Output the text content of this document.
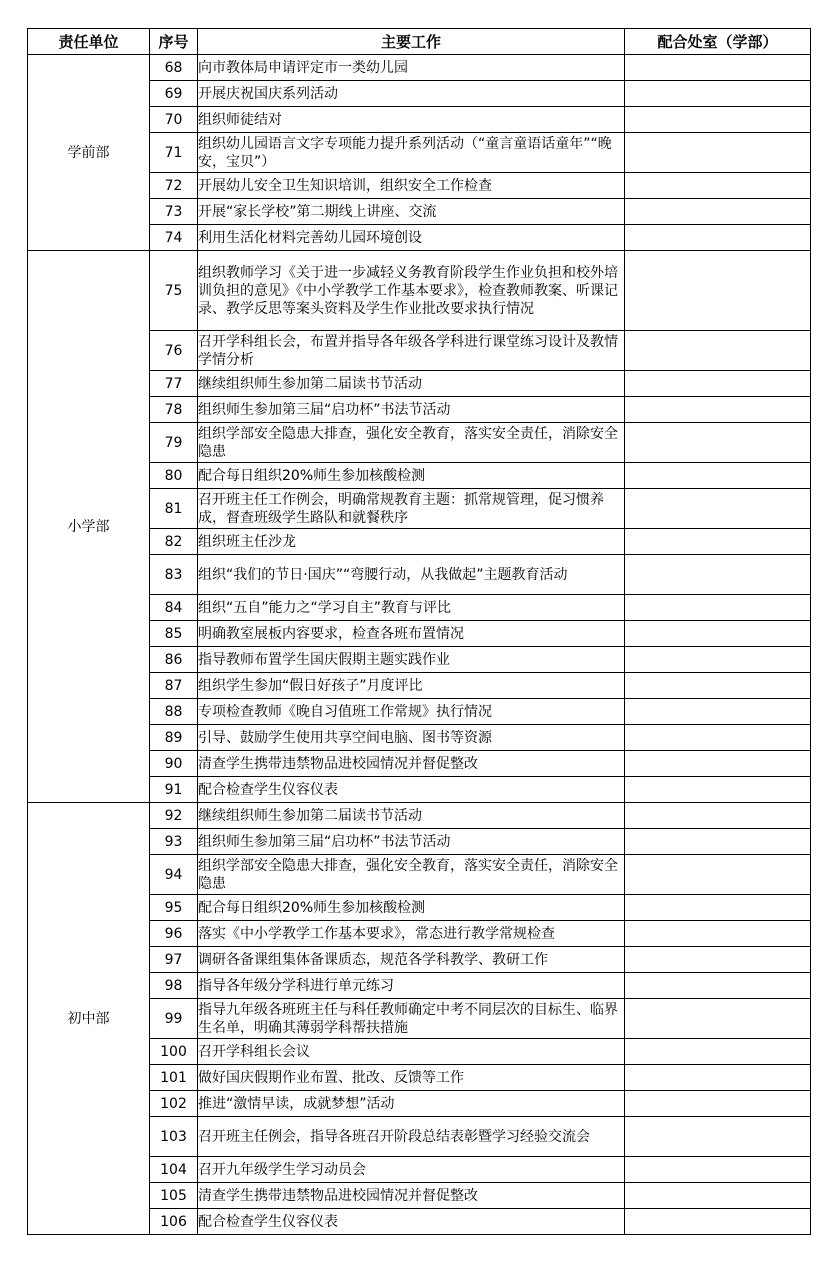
责任单位	序号	主要工作	配合处室（学部）
学前部	68	向市教体局申请评定市一类幼儿园	
	69	开展庆祝国庆系列活动	
	70	组织师徒结对	
	71	组织幼儿园语言文字专项能力提升系列活动（“童言童语话童年”“晚安，宝贝”）	
	72	开展幼儿安全卫生知识培训，组织安全工作检查	
	73	开展“家长学校”第二期线上讲座、交流	
	74	利用生活化材料完善幼儿园环境创设	
小学部	75	组织教师学习《关于进一步减轻义务教育阶段学生作业负担和校外培训负担的意见》《中小学教学工作基本要求》，检查教师教案、听课记录、教学反思等案头资料及学生作业批改要求执行情况	
	76	召开学科组长会，布置并指导各年级各学科进行课堂练习设计及教情学情分析	
	77	继续组织师生参加第二届读书节活动	
	78	组织师生参加第三届“启功杯”书法节活动	
	79	组织学部安全隐患大排查，强化安全教育，落实安全责任，消除安全隐患	
	80	配合每日组织20%师生参加核酸检测	
	81	召开班主任工作例会，明确常规教育主题：抓常规管理，促习惯养成，督查班级学生路队和就餐秩序	
	82	组织班主任沙龙	
	83	组织“我们的节日·国庆”“弯腰行动，从我做起”主题教育活动	
	84	组织“五自”能力之“学习自主”教育与评比	
	85	明确教室展板内容要求，检查各班布置情况	
	86	指导教师布置学生国庆假期主题实践作业	
	87	组织学生参加“假日好孩子”月度评比	
	88	专项检查教师《晚自习值班工作常规》执行情况	
	89	引导、鼓励学生使用共享空间电脑、图书等资源	
	90	清查学生携带违禁物品进校园情况并督促整改	
	91	配合检查学生仪容仪表	
初中部	92	继续组织师生参加第二届读书节活动	
	93	组织师生参加第三届“启功杯”书法节活动	
	94	组织学部安全隐患大排查，强化安全教育，落实安全责任，消除安全隐患	
	95	配合每日组织20%师生参加核酸检测	
	96	落实《中小学教学工作基本要求》，常态进行教学常规检查	
	97	调研各备课组集体备课质态，规范各学科教学、教研工作	
	98	指导各年级分学科进行单元练习	
	99	指导九年级各班班主任与科任教师确定中考不同层次的目标生、临界生名单，明确其薄弱学科帮扶措施	
	100	召开学科组长会议	
	101	做好国庆假期作业布置、批改、反馈等工作	
	102	推进“激情早读，成就梦想”活动	
	103	召开班主任例会，指导各班召开阶段总结表彰暨学习经验交流会	
	104	召开九年级学生学习动员会	
	105	清查学生携带违禁物品进校园情况并督促整改	
	106	配合检查学生仪容仪表	
